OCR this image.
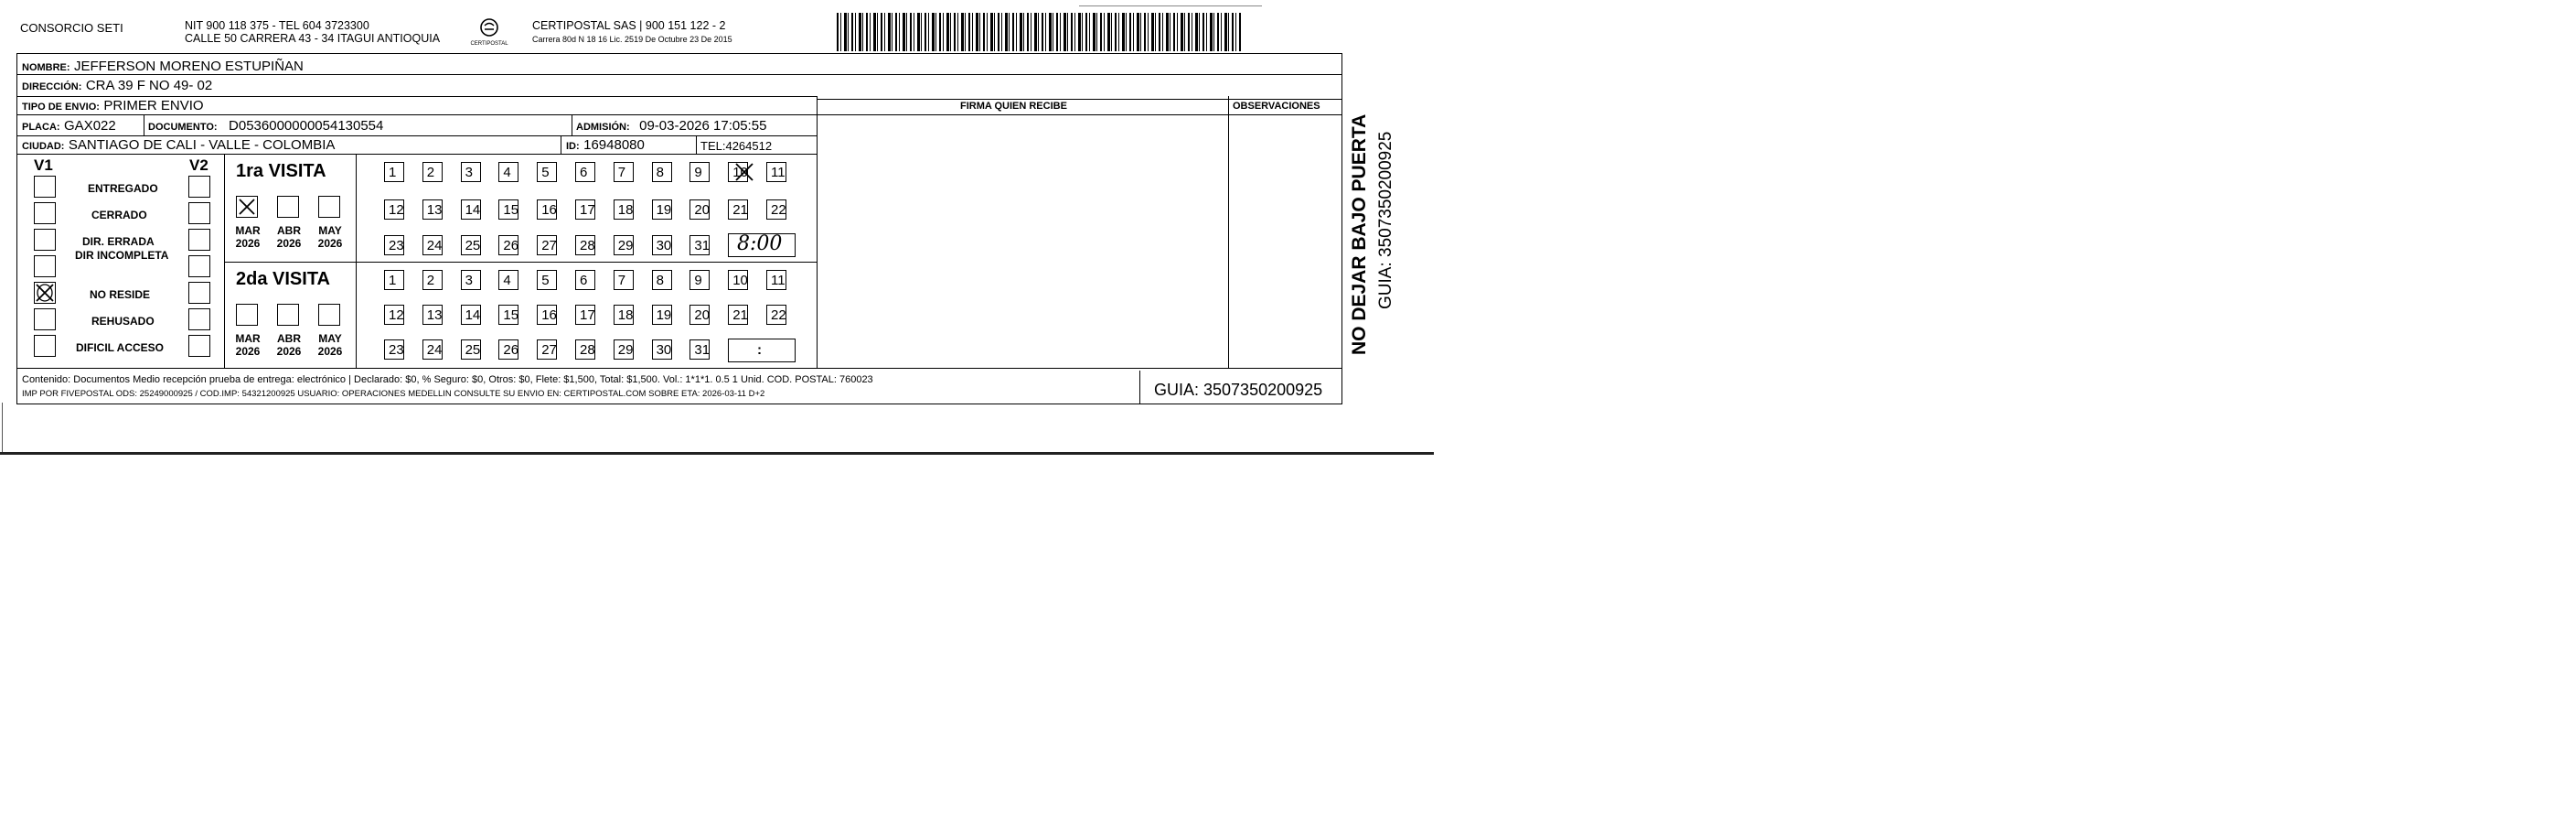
CONSORCIO SETI	NIT 900 118 375 - TEL 604 3723300
CALLE 50 CARRERA 43 - 34 ITAGUI ANTIOQUIA	CERTIPOSTAL
CERTIPOSTAL SAS | 900 151 122 - 2
Carrera 80d N 18 16 Lic. 2519 De Octubre 23 De 2015
FIRMA QUIEN RECIBE	OBSERVACIONES
NOMBRE: JEFFERSON MORENO ESTUPIÑAN
DIRECCIÓN: CRA 39 F NO 49- 02
TIPO DE ENVIO: PRIMER ENVIO
PLACA: GAX022	DOCUMENTO: D0536000000054130554	ADMISIÓN: 09-03-2026 17:05:55
CIUDAD: SANTIAGO DE CALI - VALLE - COLOMBIA	ID: 16948080	TEL:4264512
V1	V2
ENTREGADO
CERRADO
DIR. ERRADA
DIR INCOMPLETA
NO RESIDE
REHUSADO
DIFICIL ACCESO
1ra VISITA
2da VISITA
MAR
2026
ABR
2026
MAY
2026
MAR
2026
ABR
2026
MAY
2026
1	2	3	4	5	6	7	8	9	10	11
12	13	14	15	16	17	18	19	20	21	22
23	24	25	26	27	28	29	30	31
1	2	3	4	5	6	7	8	9	10	11
12	13	14	15	16	17	18	19	20	21	22
23	24	25	26	27	28	29	30	31
8:00
:
Contenido: Documentos Medio recepción prueba de entrega: electrónico | Declarado: $0, % Seguro: $0, Otros: $0, Flete: $1,500, Total: $1,500. Vol.: 1*1*1. 0.5 1 Unid. COD. POSTAL: 760023
IMP POR FIVEPOSTAL ODS: 25249000925 / COD.IMP: 54321200925 USUARIO: OPERACIONES MEDELLIN CONSULTE SU ENVIO EN: CERTIPOSTAL.COM SOBRE ETA: 2026-03-11 D+2	GUIA: 3507350200925
NO DEJAR BAJO PUERTA GUIA: 3507350200925
